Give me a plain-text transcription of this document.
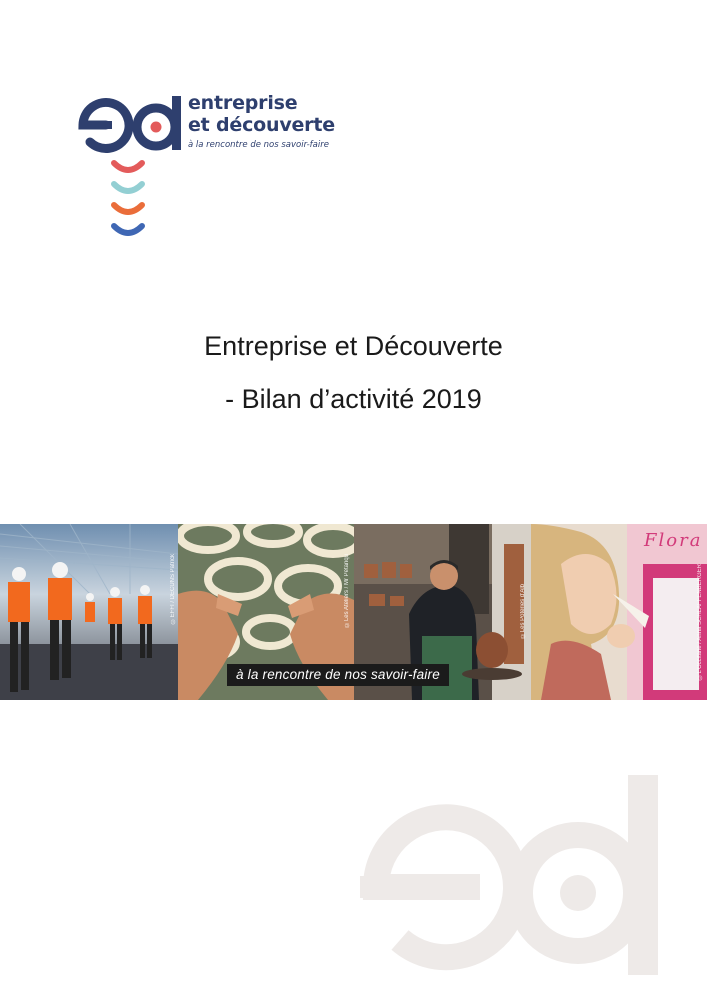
entreprise
et découverte
à la rencontre de nos savoir-faire
Entreprise et Découverte
- Bilan d’activité 2019
©EFFI / DECUNS Patrick	©Les Ateliers / Mr Pétanqu	©Les Poteries d'Alb	©L'Occitane / Anna SCHLAFFENBERGER
Flora
à la rencontre de nos savoir-faire
